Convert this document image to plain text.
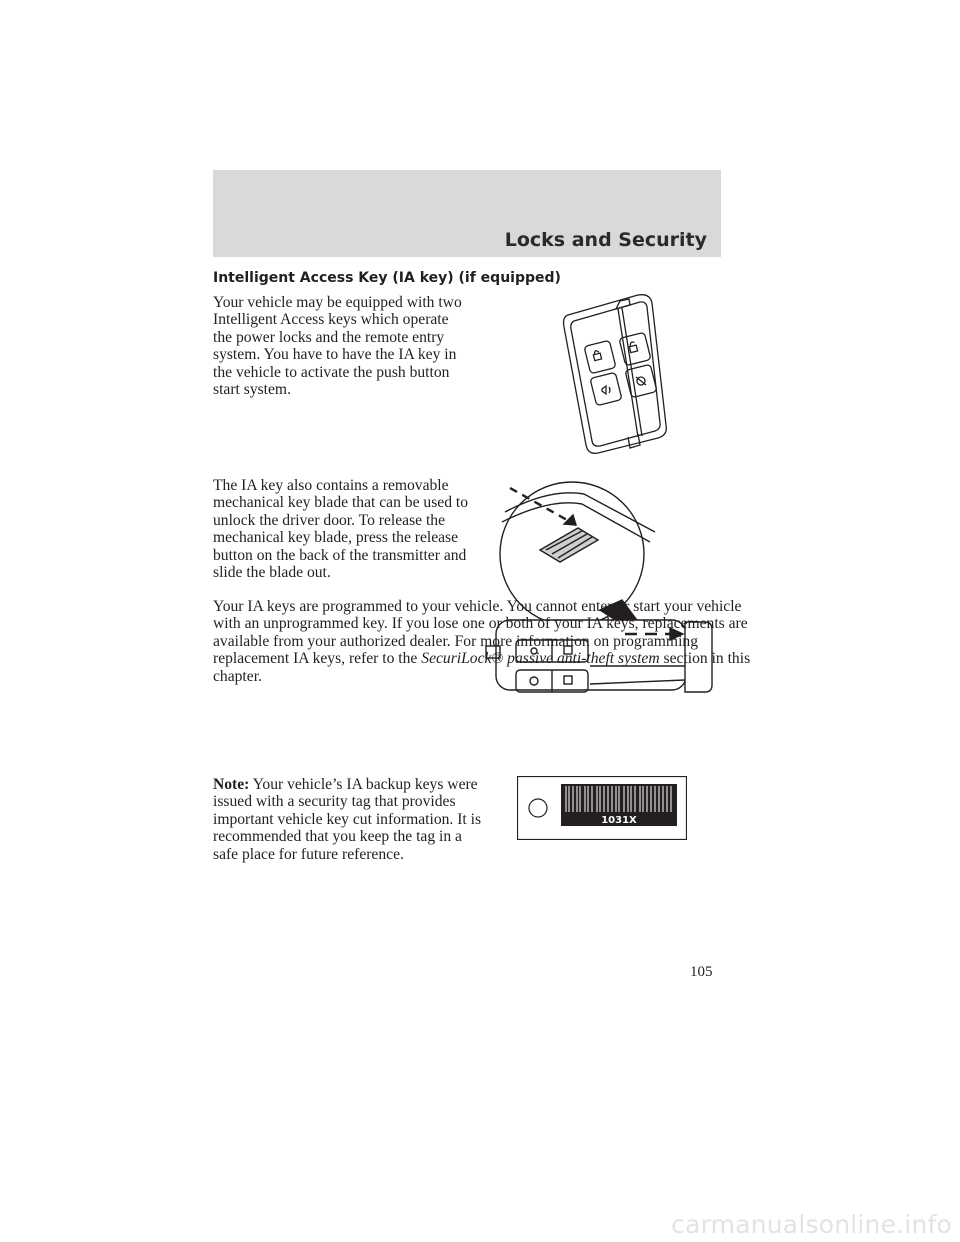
Locks and Security
Intelligent Access Key (IA key) (if equipped)

Your vehicle may be equipped with two Intelligent Access keys which operate the power locks and the remote entry system. You have to have the IA key in the vehicle to activate the push button start system.

The IA key also contains a removable mechanical key blade that can be used to unlock the driver door. To release the mechanical key blade, press the release button on the back of the transmitter and slide the blade out.

Your IA keys are programmed to your vehicle. You cannot enter or start your vehicle with an unprogrammed key. If you lose one or both of your IA keys, replacements are available from your authorized dealer. For more information on programming replacement IA keys, refer to the SecuriLock® passive anti-theft system section in this chapter.

Note: Your vehicle’s IA backup keys were issued with a security tag that provides important vehicle key cut information. It is recommended that you keep the tag in a safe place for future reference.

1031X

105

carmanualsonline.info
